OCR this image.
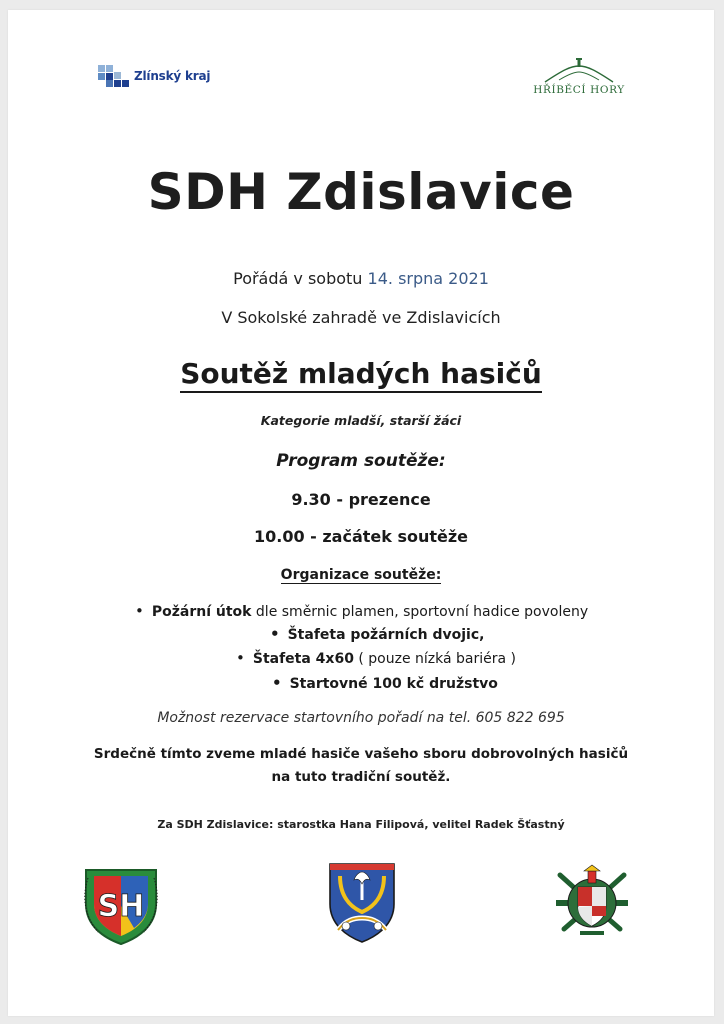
Zlínský kraj
HŘÍBĚCÍ HORY
SDH Zdislavice
Pořádá v sobotu 14. srpna 2021
V Sokolské zahradě ve Zdislavicích
Soutěž mladých hasičů
Kategorie mladší, starší žáci
Program soutěže:
9.30 - prezence
10.00 - začátek soutěže
Organizace soutěže:
• Požární útok dle směrnic plamen, sportovní hadice povoleny
• Štafeta požárních dvojic,
• Štafeta 4x60 ( pouze nízká bariéra )
• Startovné 100 kč družstvo
Možnost rezervace startovního pořadí na tel. 605 822 695
Srdečně tímto zveme mladé hasiče vašeho sboru dobrovolných hasičů
na tuto tradiční soutěž.
Za SDH Zdislavice: starostka Hana Filipová, velitel Radek Šťastný
SH
